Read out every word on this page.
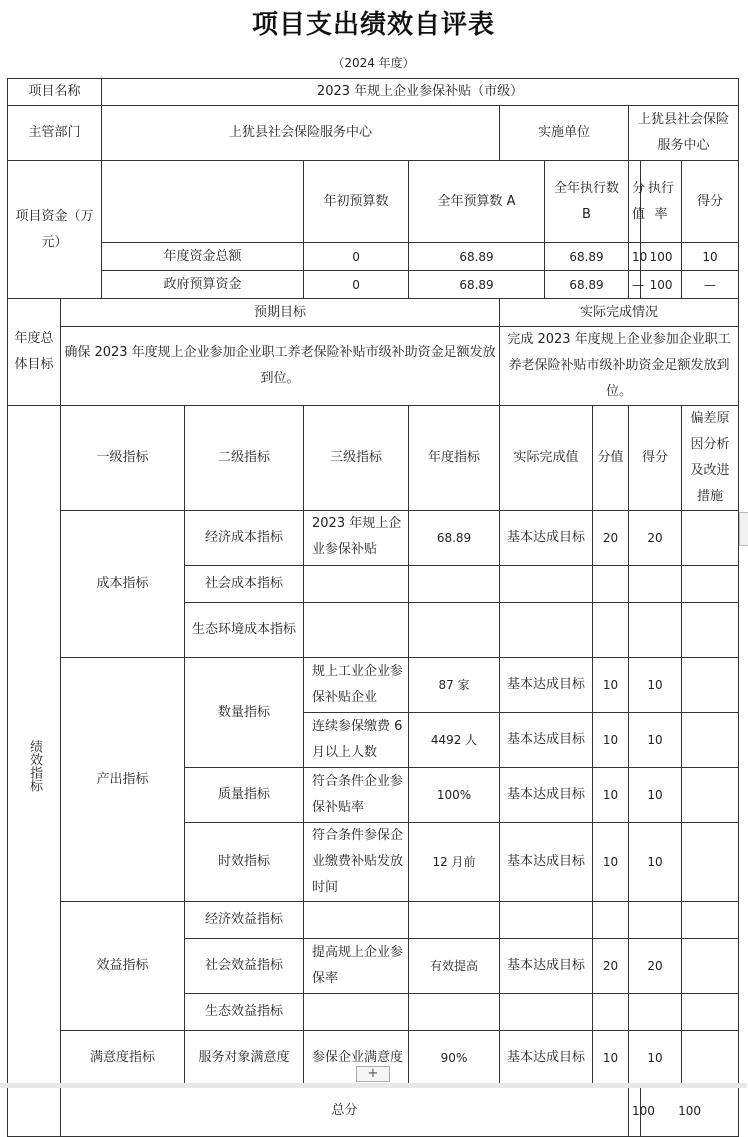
项目支出绩效自评表
（2024 年度）
项目名称		2023 年规上企业参保补贴（市级）										
主管部门		上犹县社会保险服务中心				实施单位			上犹县社会保险服务中心			
项目资金（万元）				年初预算数	全年预算数 A		全年执行数 B		分值	执行率	得分	
		年度资金总额		0	68.89		68.89		10	100	10	
		政府预算资金		0	68.89		68.89		—	100	—	
年度总体目标	预期目标					实际完成情况						
	确保 2023 年度规上企业参加企业职工养老保险补贴市级补助资金足额发放到位。					完成 2023 年度规上企业参加企业职工养老保险补贴市级补助资金足额发放到位。						
绩效指标	一级指标		二级指标	三级指标	年度指标	实际完成值		分值	得分		偏差原因分析及改进措施	
	成本指标		经济成本指标	2023 年规上企业参保补贴	68.89	基本达成目标		20	20			
			社会成本指标									
			生态环境成本指标									
	产出指标		数量指标	规上工业企业参保补贴企业	87 家	基本达成目标		10	10			
				连续参保缴费 6 月以上人数	4492 人	基本达成目标		10	10			
			质量指标	符合条件企业参保补贴率	100%	基本达成目标		10	10			
			时效指标	符合条件参保企业缴费补贴发放时间	12 月前	基本达成目标		10	10			
	效益指标		经济效益指标									
			社会效益指标	提高规上企业参保率	有效提高	基本达成目标		20	20			
			生态效益指标									
	满意度指标		服务对象满意度	参保企业满意度	90%	基本达成目标		10	10			
	总分								100	100		
+
